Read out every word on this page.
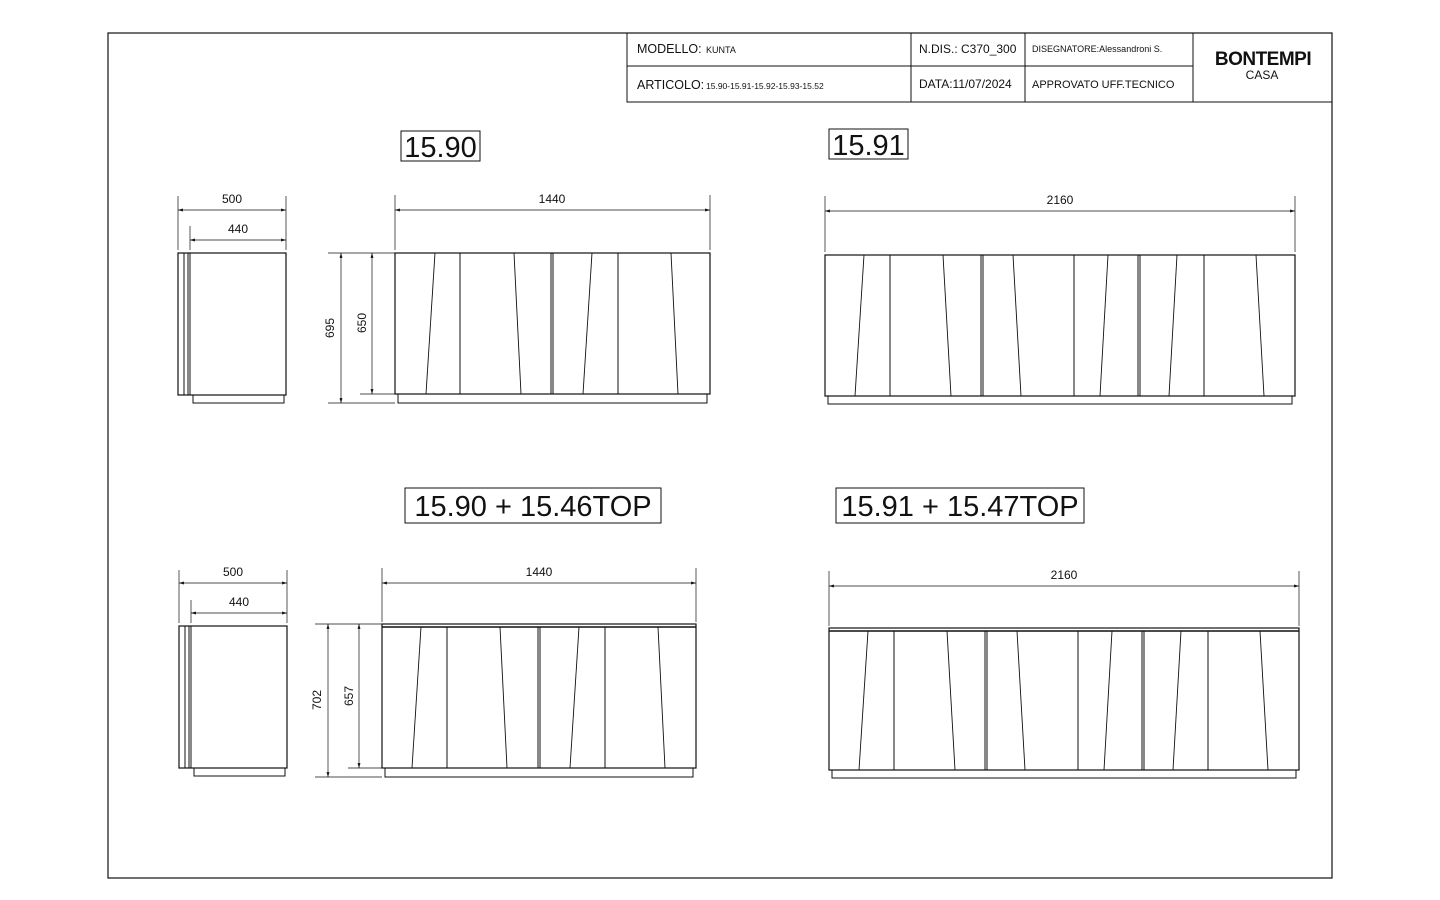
MODELLO: KUNTA
ARTICOLO: 15.90-15.91-15.92-15.93-15.52
N.DIS.: C370_300
DATA:11/07/2024
DISEGNATORE:Alessandroni S.
APPROVATO UFF.TECNICO
BONTEMPI
CASA
15.90	15.91
15.90 + 15.46TOP	15.91 + 15.47TOP
500
440
1440
695 650
2160
500
440
1440
702 657
2160
